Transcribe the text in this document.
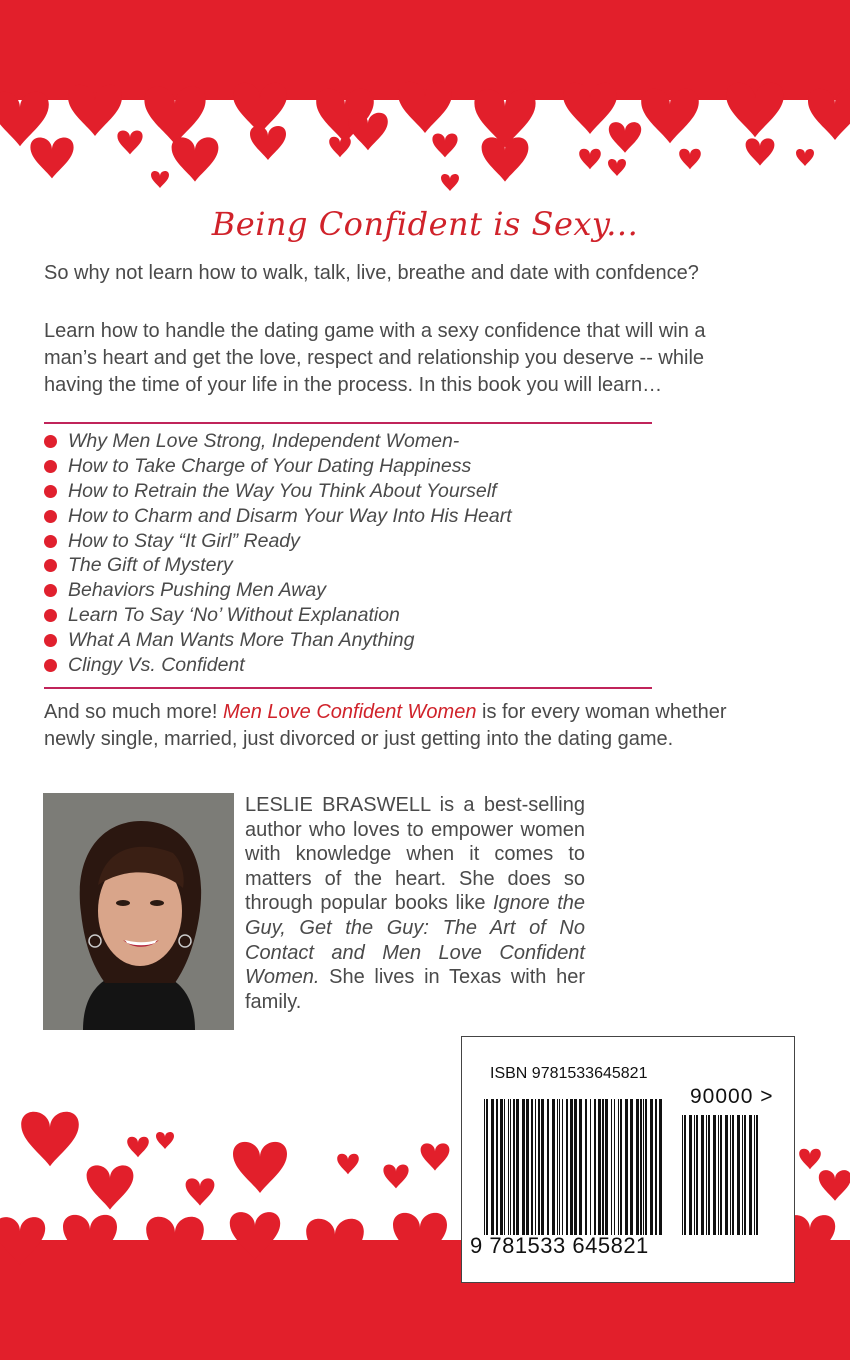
Being Confident is Sexy...

So why not learn how to walk, talk, live, breathe and date with confdence?

Learn how to handle the dating game with a sexy confidence that will win a man’s heart and get the love, respect and relationship you deserve -- while having the time of your life in the process. In this book you will learn…

Why Men Love Strong, Independent Women-
How to Take Charge of Your Dating Happiness
How to Retrain the Way You Think About Yourself
How to Charm and Disarm Your Way Into His Heart
How to Stay “It Girl” Ready
The Gift of Mystery
Behaviors Pushing Men Away
Learn To Say ‘No’ Without Explanation
What A Man Wants More Than Anything
Clingy Vs. Confident

And so much more! Men Love Confident Women is for every woman whether newly single, married, just divorced or just getting into the dating game.

LESLIE BRASWELL is a best-selling author who loves to empower women with knowledge when it comes to matters of the heart. She does so through popular books like Ignore the Guy, Get the Guy: The Art of No Contact and Men Love Confident Women. She lives in Texas with her family.

ISBN 9781533645821
90000 >
9 781533 645821
